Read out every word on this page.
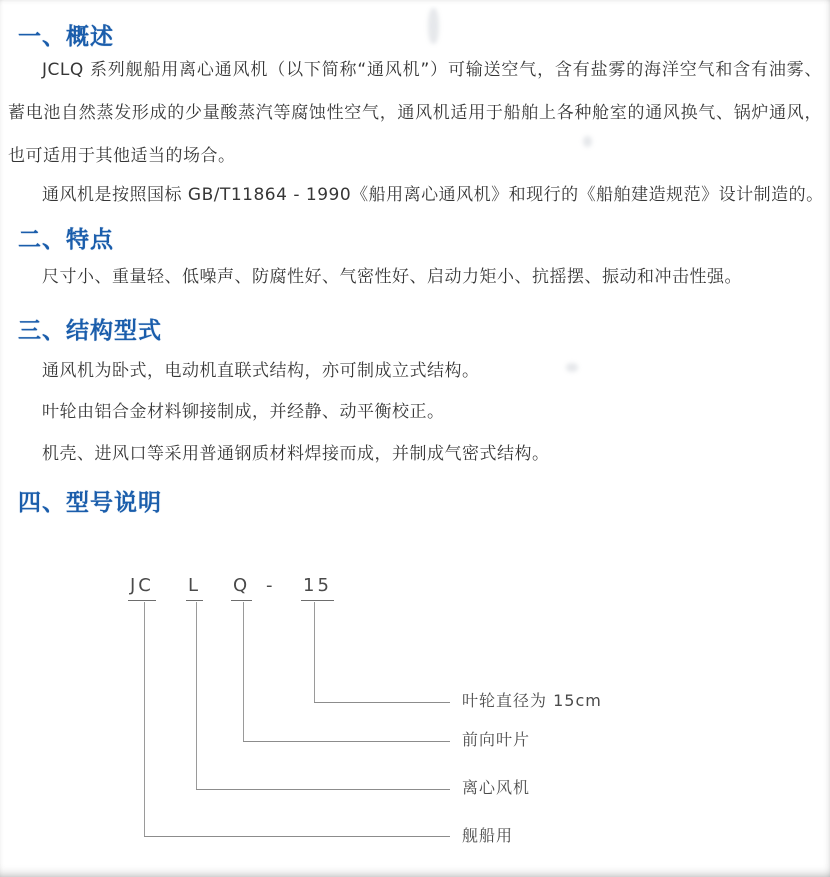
一、概述

JCLQ 系列舰船用离心通风机（以下简称“通风机”）可输送空气，含有盐雾的海洋空气和含有油雾、蓄电池自然蒸发形成的少量酸蒸汽等腐蚀性空气，通风机适用于船舶上各种舱室的通风换气、锅炉通风，也可适用于其他适当的场合。

通风机是按照国标 GB/T11864 - 1990《船用离心通风机》和现行的《船舶建造规范》设计制造的。

二、特点

尺寸小、重量轻、低噪声、防腐性好、气密性好、启动力矩小、抗摇摆、振动和冲击性强。

三、结构型式

通风机为卧式，电动机直联式结构，亦可制成立式结构。

叶轮由铝合金材料铆接制成，并经静、动平衡校正。

机壳、进风口等采用普通钢质材料焊接而成，并制成气密式结构。

四、型号说明
JC L Q - 15
叶轮直径为 15cm
前向叶片
离心风机
舰船用
